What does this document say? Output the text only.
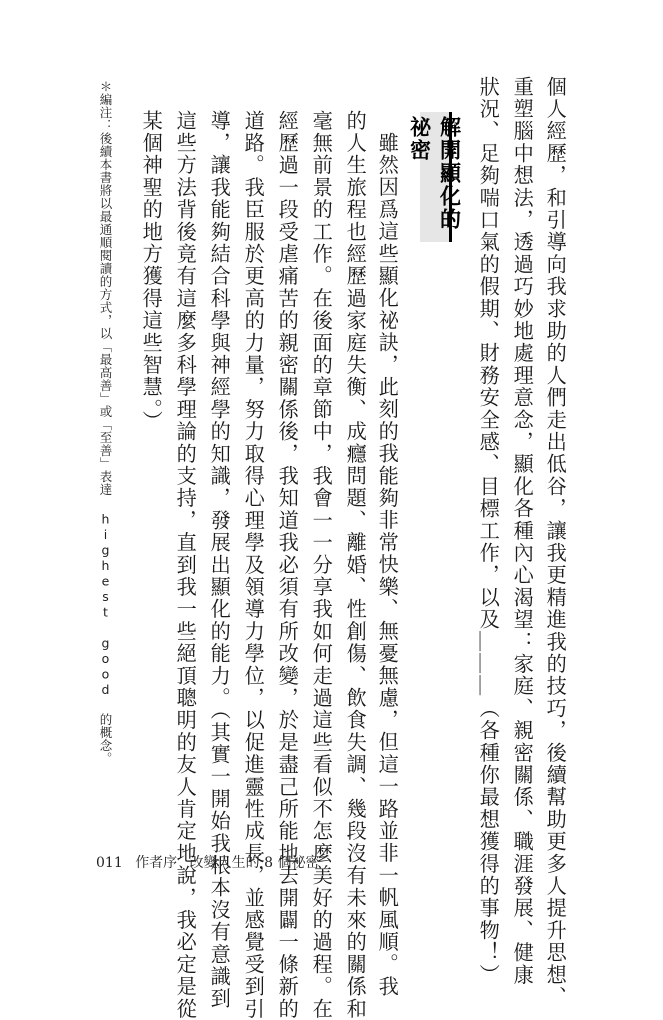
個人經歷，和引導向我求助的人們走出低谷，讓我更精進我的技巧，後續幫助更多人提升思想、

重塑腦中想法，透過巧妙地處理意念，顯化各種內心渴望：家庭、親密關係、職涯發展、健康

狀況、足夠喘口氣的假期、財務安全感、目標工作，以及＿＿＿（各種你最想獲得的事物！）

解開顯化的祕密

雖然因爲這些顯化祕訣，此刻的我能夠非常快樂、無憂無慮，但這一路並非一帆風順。我

的人生旅程也經歷過家庭失衡、成癮問題、離婚、性創傷、飲食失調、幾段沒有未來的關係和

毫無前景的工作。在後面的章節中，我會一一分享我如何走過這些看似不怎麼美好的過程。在

經歷過一段受虐痛苦的親密關係後，我知道我必須有所改變，於是盡己所能地去開闢一條新的

道路。我臣服於更高的力量，努力取得心理學及領導力學位，以促進靈性成長，並感覺受到引

導，讓我能夠結合科學與神經學的知識，發展出顯化的能力。（其實一開始我根本沒有意識到

這些方法背後竟有這麼多科學理論的支持，直到我一些絕頂聰明的友人肯定地說，我必定是從

某個神聖的地方獲得這些智慧。）

＊編注：後續本書將以最通順閱讀的方式，以「最高善」或「至善」表達 highest good 的概念。

011 作者序 改變人生的 8 個祕密
